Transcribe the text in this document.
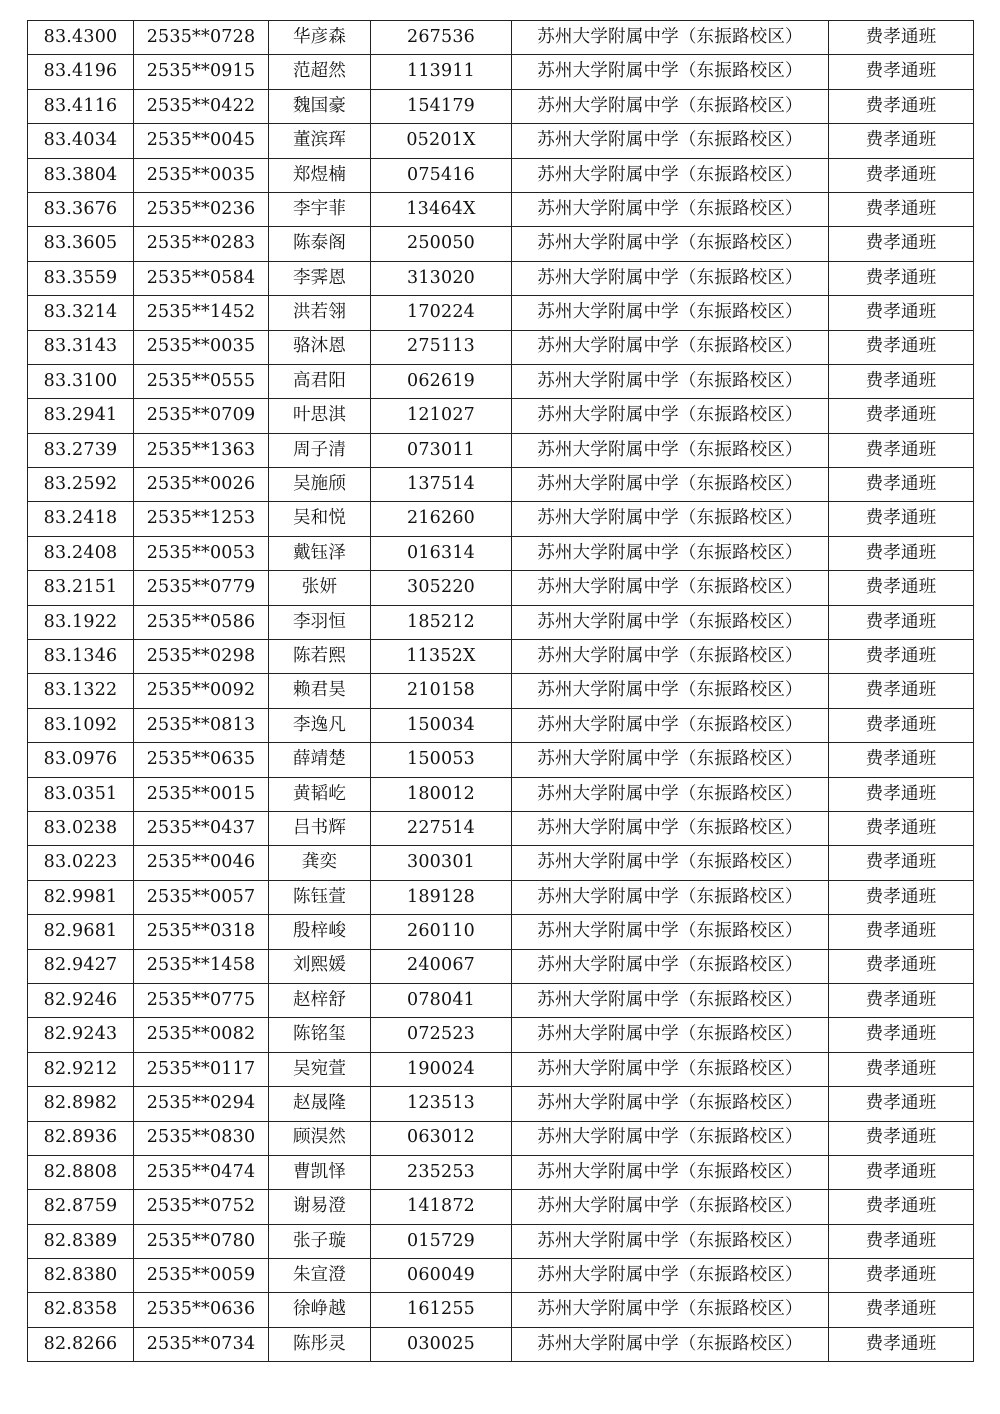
83.4300	2535**0728	华彦森	267536	苏州大学附属中学（东振路校区）	费孝通班
83.4196	2535**0915	范超然	113911	苏州大学附属中学（东振路校区）	费孝通班
83.4116	2535**0422	魏国豪	154179	苏州大学附属中学（东振路校区）	费孝通班
83.4034	2535**0045	董滨珲	05201X	苏州大学附属中学（东振路校区）	费孝通班
83.3804	2535**0035	郑煜楠	075416	苏州大学附属中学（东振路校区）	费孝通班
83.3676	2535**0236	李宇菲	13464X	苏州大学附属中学（东振路校区）	费孝通班
83.3605	2535**0283	陈泰阁	250050	苏州大学附属中学（东振路校区）	费孝通班
83.3559	2535**0584	李霁恩	313020	苏州大学附属中学（东振路校区）	费孝通班
83.3214	2535**1452	洪若翎	170224	苏州大学附属中学（东振路校区）	费孝通班
83.3143	2535**0035	骆沐恩	275113	苏州大学附属中学（东振路校区）	费孝通班
83.3100	2535**0555	高君阳	062619	苏州大学附属中学（东振路校区）	费孝通班
83.2941	2535**0709	叶思淇	121027	苏州大学附属中学（东振路校区）	费孝通班
83.2739	2535**1363	周子清	073011	苏州大学附属中学（东振路校区）	费孝通班
83.2592	2535**0026	吴施颀	137514	苏州大学附属中学（东振路校区）	费孝通班
83.2418	2535**1253	吴和悦	216260	苏州大学附属中学（东振路校区）	费孝通班
83.2408	2535**0053	戴钰泽	016314	苏州大学附属中学（东振路校区）	费孝通班
83.2151	2535**0779	张妍	305220	苏州大学附属中学（东振路校区）	费孝通班
83.1922	2535**0586	李羽恒	185212	苏州大学附属中学（东振路校区）	费孝通班
83.1346	2535**0298	陈若熙	11352X	苏州大学附属中学（东振路校区）	费孝通班
83.1322	2535**0092	赖君昊	210158	苏州大学附属中学（东振路校区）	费孝通班
83.1092	2535**0813	李逸凡	150034	苏州大学附属中学（东振路校区）	费孝通班
83.0976	2535**0635	薛靖楚	150053	苏州大学附属中学（东振路校区）	费孝通班
83.0351	2535**0015	黄韬屹	180012	苏州大学附属中学（东振路校区）	费孝通班
83.0238	2535**0437	吕书辉	227514	苏州大学附属中学（东振路校区）	费孝通班
83.0223	2535**0046	龚奕	300301	苏州大学附属中学（东振路校区）	费孝通班
82.9981	2535**0057	陈钰萱	189128	苏州大学附属中学（东振路校区）	费孝通班
82.9681	2535**0318	殷梓峻	260110	苏州大学附属中学（东振路校区）	费孝通班
82.9427	2535**1458	刘熙媛	240067	苏州大学附属中学（东振路校区）	费孝通班
82.9246	2535**0775	赵梓舒	078041	苏州大学附属中学（东振路校区）	费孝通班
82.9243	2535**0082	陈铭玺	072523	苏州大学附属中学（东振路校区）	费孝通班
82.9212	2535**0117	吴宛萱	190024	苏州大学附属中学（东振路校区）	费孝通班
82.8982	2535**0294	赵晟隆	123513	苏州大学附属中学（东振路校区）	费孝通班
82.8936	2535**0830	顾淏然	063012	苏州大学附属中学（东振路校区）	费孝通班
82.8808	2535**0474	曹凯怿	235253	苏州大学附属中学（东振路校区）	费孝通班
82.8759	2535**0752	谢易澄	141872	苏州大学附属中学（东振路校区）	费孝通班
82.8389	2535**0780	张子璇	015729	苏州大学附属中学（东振路校区）	费孝通班
82.8380	2535**0059	朱宣澄	060049	苏州大学附属中学（东振路校区）	费孝通班
82.8358	2535**0636	徐峥越	161255	苏州大学附属中学（东振路校区）	费孝通班
82.8266	2535**0734	陈彤灵	030025	苏州大学附属中学（东振路校区）	费孝通班
